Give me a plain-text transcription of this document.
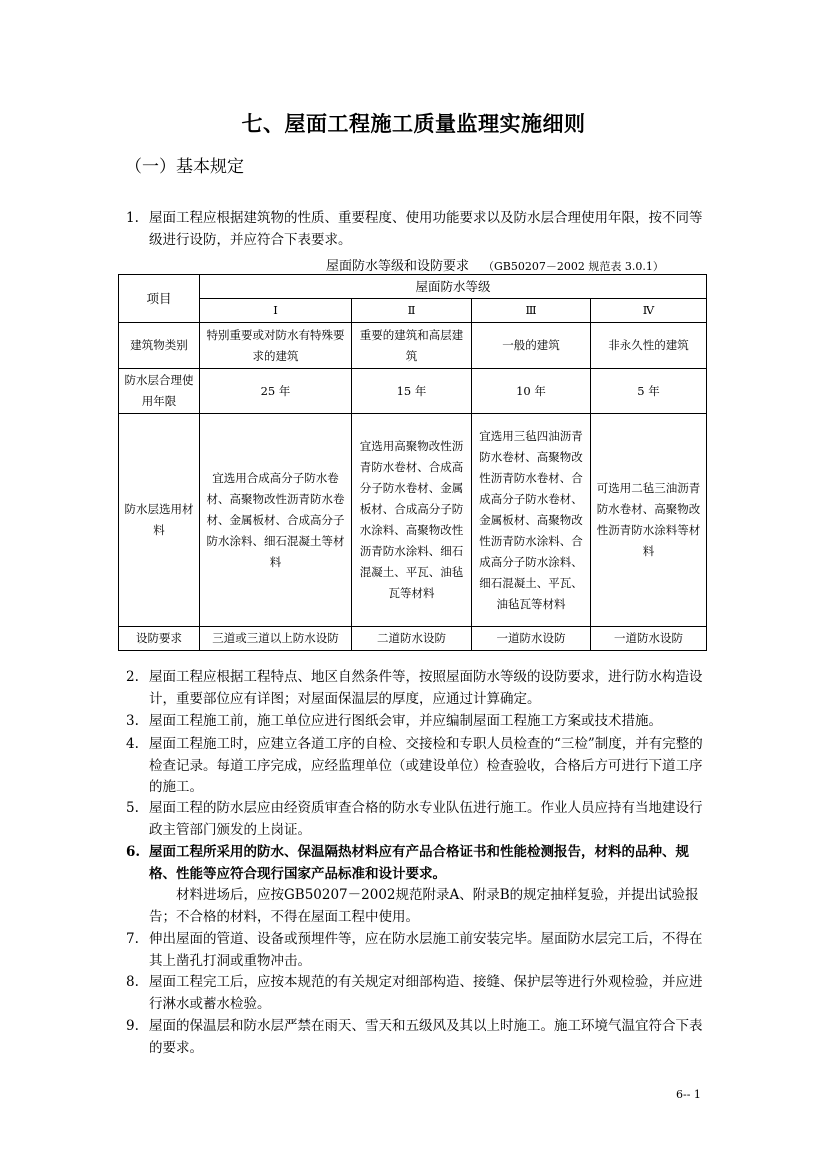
七、屋面工程施工质量监理实施细则
（一）基本规定
1. 屋面工程应根据建筑物的性质、重要程度、使用功能要求以及防水层合理使用年限，按不同等级进行设防，并应符合下表要求。
屋面防水等级和设防要求 （GB50207－2002 规范表 3.0.1）
项目	屋面防水等级			
	Ⅰ	Ⅱ	Ⅲ	Ⅳ
建筑物类别	特别重要或对防水有特殊要求的建筑	重要的建筑和高层建筑	一般的建筑	非永久性的建筑
防水层合理使用年限	25 年	15 年	10 年	5 年
防水层选用材料	宜选用合成高分子防水卷材、高聚物改性沥青防水卷材、金属板材、合成高分子防水涂料、细石混凝土等材料	宜选用高聚物改性沥青防水卷材、合成高分子防水卷材、金属板材、合成高分子防水涂料、高聚物改性沥青防水涂料、细石混凝土、平瓦、油毡瓦等材料	宜选用三毡四油沥青防水卷材、高聚物改性沥青防水卷材、合成高分子防水卷材、金属板材、高聚物改性沥青防水涂料、合成高分子防水涂料、细石混凝土、平瓦、油毡瓦等材料	可选用二毡三油沥青防水卷材、高聚物改性沥青防水涂料等材料
设防要求	三道或三道以上防水设防	二道防水设防	一道防水设防	一道防水设防
2. 屋面工程应根据工程特点、地区自然条件等，按照屋面防水等级的设防要求，进行防水构造设计，重要部位应有详图；对屋面保温层的厚度，应通过计算确定。
3. 屋面工程施工前，施工单位应进行图纸会审，并应编制屋面工程施工方案或技术措施。
4. 屋面工程施工时，应建立各道工序的自检、交接检和专职人员检查的“三检”制度，并有完整的检查记录。每道工序完成，应经监理单位（或建设单位）检查验收，合格后方可进行下道工序的施工。
5. 屋面工程的防水层应由经资质审查合格的防水专业队伍进行施工。作业人员应持有当地建设行政主管部门颁发的上岗证。
6. 屋面工程所采用的防水、保温隔热材料应有产品合格证书和性能检测报告，材料的品种、规格、性能等应符合现行国家产品标准和设计要求。
材料进场后，应按GB50207－2002规范附录A、附录B的规定抽样复验，并提出试验报告；不合格的材料，不得在屋面工程中使用。
7. 伸出屋面的管道、设备或预埋件等，应在防水层施工前安装完毕。屋面防水层完工后，不得在其上凿孔打洞或重物冲击。
8. 屋面工程完工后，应按本规范的有关规定对细部构造、接缝、保护层等进行外观检验，并应进行淋水或蓄水检验。
9. 屋面的保温层和防水层严禁在雨天、雪天和五级风及其以上时施工。施工环境气温宜符合下表的要求。
6-- 1
